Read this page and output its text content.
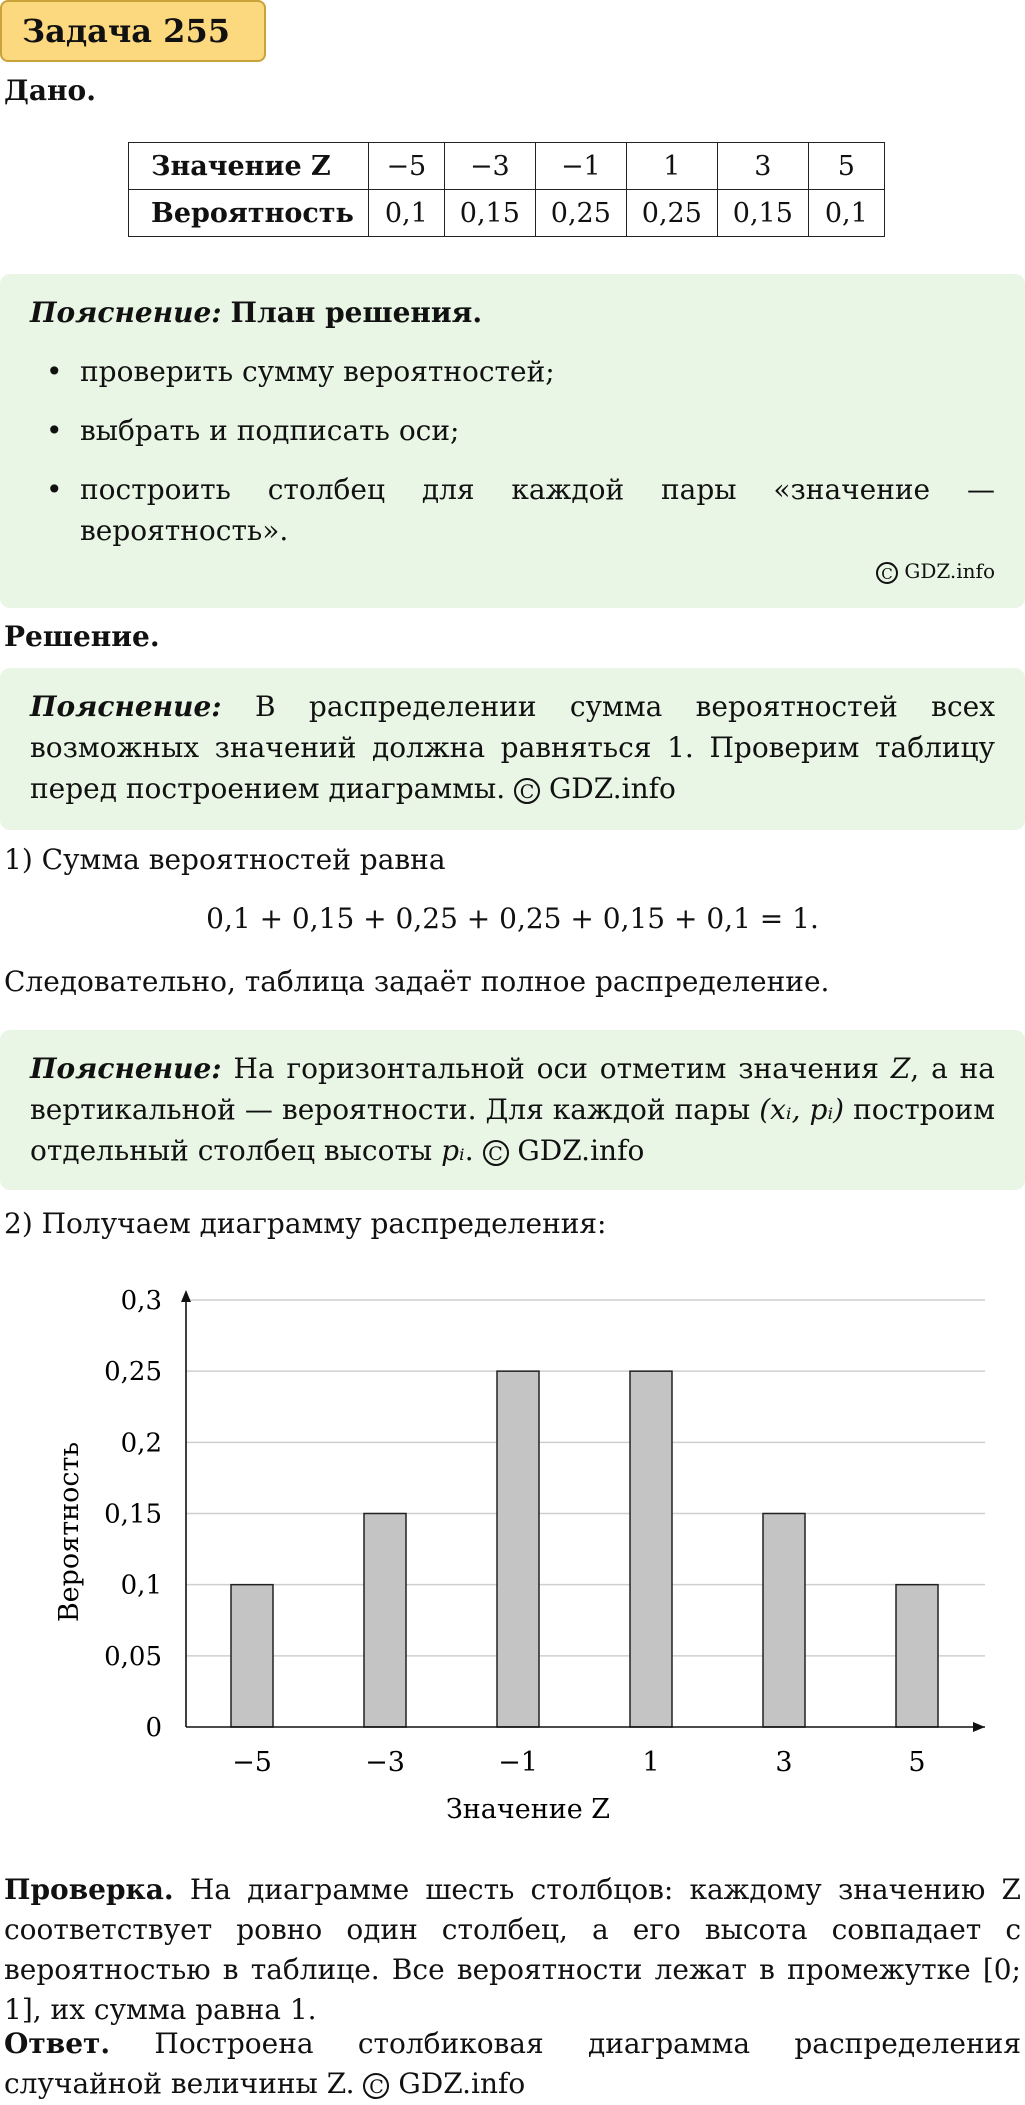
Задача 255
Дано.
Значение Z	−5	−3	−1	1	3	5
Вероятность	0,1	0,15	0,25	0,25	0,15	0,1
Пояснение: План решения.
• проверить сумму вероятностей;
• выбрать и подписать оси;
• построить столбец для каждой пары «значение — вероятность».
C GDZ.info
Решение.
Пояснение: В распределении сумма вероятностей всех возможных значений должна равняться 1. Проверим таблицу перед построением диаграммы. C GDZ.info
1) Сумма вероятностей равна
0,1 + 0,15 + 0,25 + 0,25 + 0,15 + 0,1 = 1.
Следовательно, таблица задаёт полное распределение.
Пояснение: На горизонтальной оси отметим значения Z, а на вертикальной — вероятности. Для каждой пары (xᵢ, pᵢ) построим отдельный столбец высоты pᵢ. C GDZ.info
2) Получаем диаграмму распределения:
0
0,05
0,1
0,15
0,2
0,25
0,3
−5	−3	−1	1	3	5
Значение Z
Вероятность
Проверка. На диаграмме шесть столбцов: каждому значению Z соответствует ровно один столбец, а его высота совпадает с вероятностью в таблице. Все вероятности лежат в промежутке [0; 1], их сумма равна 1.
Ответ. Построена столбиковая диаграмма распределения случайной величины Z. C GDZ.info
